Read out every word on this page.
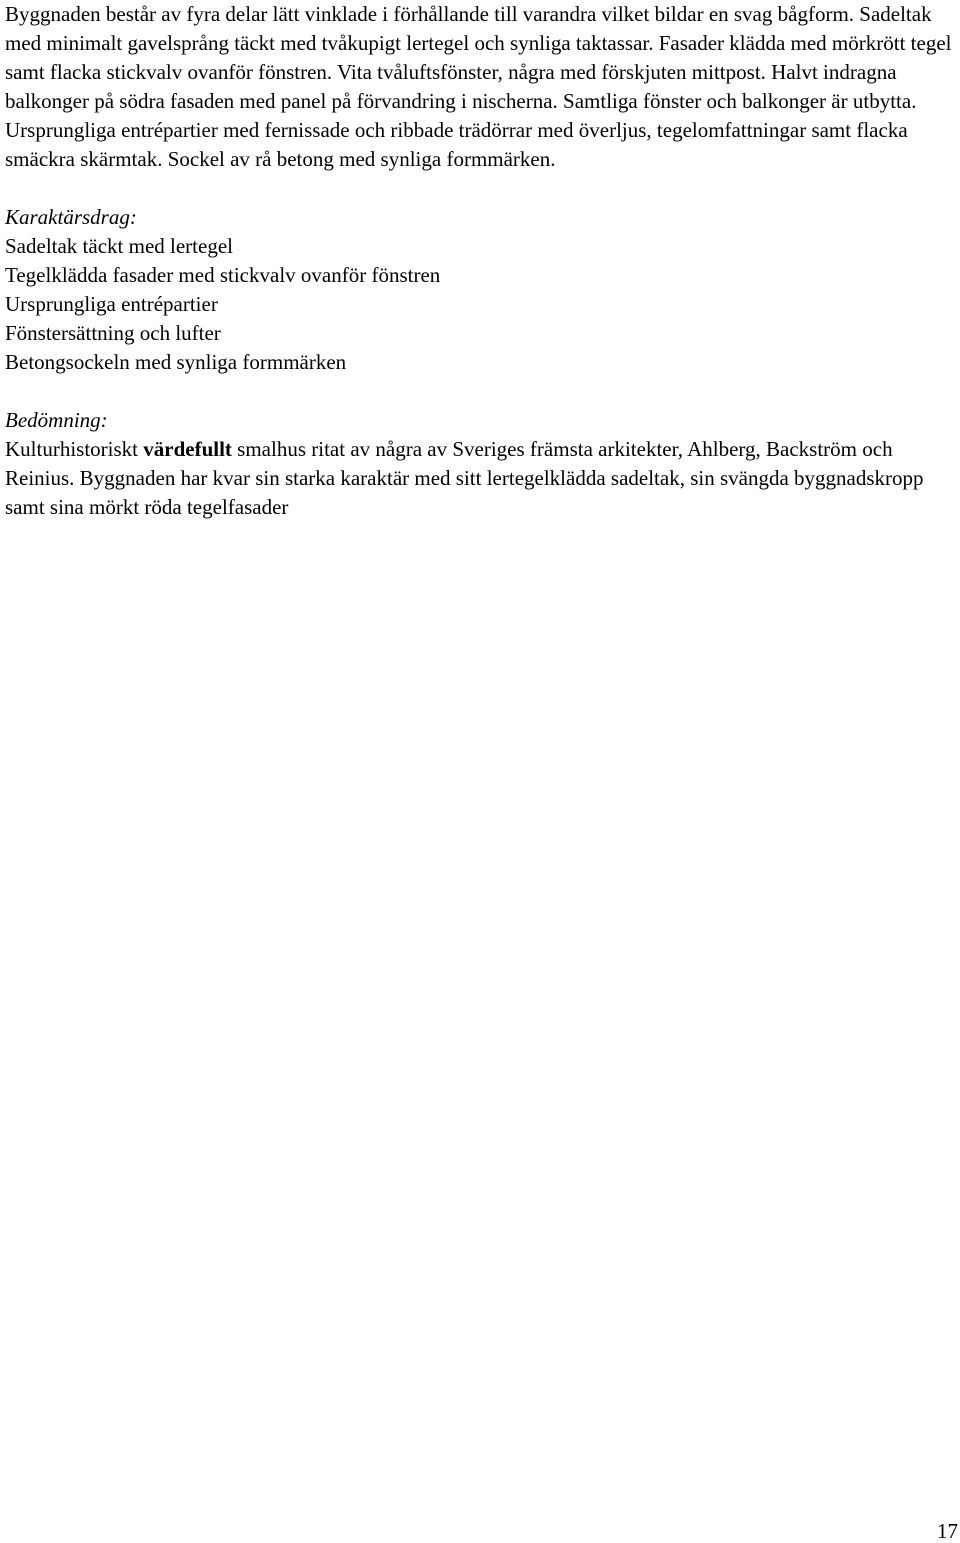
Byggnaden består av fyra delar lätt vinklade i förhållande till varandra vilket bildar en svag bågform. Sadeltak med minimalt gavelsprång täckt med tvåkupigt lertegel och synliga taktassar. Fasader klädda med mörkrött tegel samt flacka stickvalv ovanför fönstren. Vita tvåluftsfönster, några med förskjuten mittpost. Halvt indragna balkonger på södra fasaden med panel på förvandring i nischerna. Samtliga fönster och balkonger är utbytta. Ursprungliga entrépartier med fernissade och ribbade trädörrar med överljus, tegelomfattningar samt flacka smäckra skärmtak. Sockel av rå betong med synliga formmärken.

Karaktärsdrag:

Sadeltak täckt med lertegel
Tegelklädda fasader med stickvalv ovanför fönstren
Ursprungliga entrépartier
Fönstersättning och lufter
Betongsockeln med synliga formmärken

Bedömning:

Kulturhistoriskt värdefullt smalhus ritat av några av Sveriges främsta arkitekter, Ahlberg, Backström och Reinius. Byggnaden har kvar sin starka karaktär med sitt lertegelklädda sadeltak, sin svängda byggnadskropp samt sina mörkt röda tegelfasader

17
